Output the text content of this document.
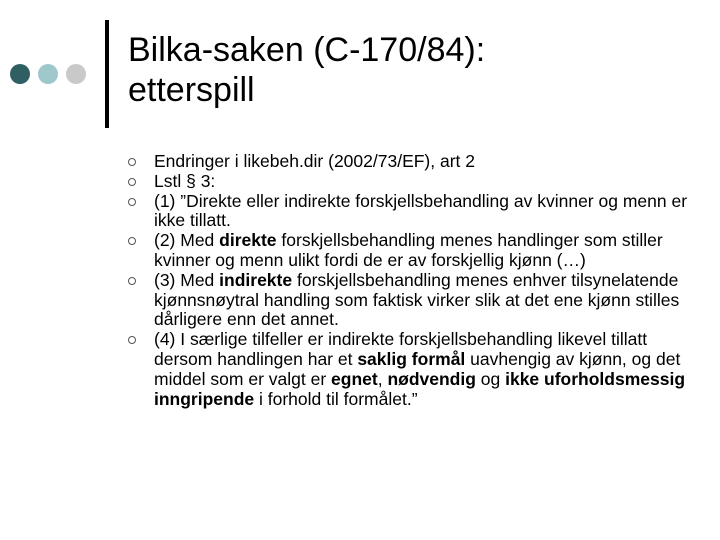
Bilka-saken (C-170/84):
etterspill
Endringer i likebeh.dir (2002/73/EF), art 2
Lstl § 3:
(1) ”Direkte eller indirekte forskjellsbehandling av kvinner og menn er ikke tillatt.
(2) Med direkte forskjellsbehandling menes handlinger som stiller kvinner og menn ulikt fordi de er av forskjellig kjønn (…)
(3) Med indirekte forskjellsbehandling menes enhver tilsynelatende kjønnsnøytral handling som faktisk virker slik at det ene kjønn stilles dårligere enn det annet.
(4) I særlige tilfeller er indirekte forskjellsbehandling likevel tillatt dersom handlingen har et saklig formål uavhengig av kjønn, og det middel som er valgt er egnet, nødvendig og ikke uforholdsmessig inngripende i forhold til formålet.”
